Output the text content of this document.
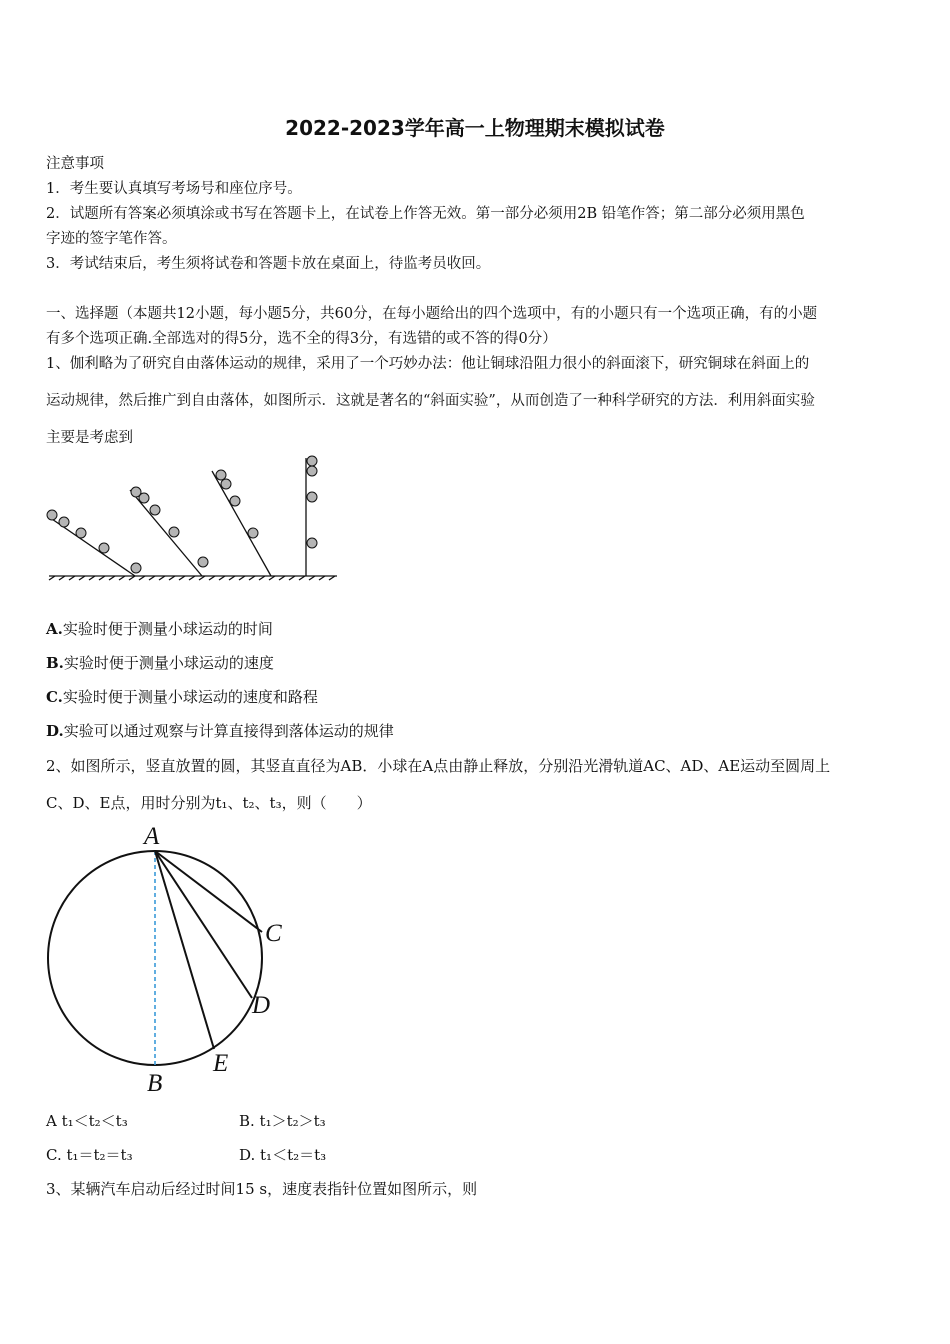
2022-2023学年高一上物理期末模拟试卷
注意事项
1．考生要认真填写考场号和座位序号。
2．试题所有答案必须填涂或书写在答题卡上，在试卷上作答无效。第一部分必须用2B 铅笔作答；第二部分必须用黑色
字迹的签字笔作答。
3．考试结束后，考生须将试卷和答题卡放在桌面上，待监考员收回。
一、选择题（本题共12小题，每小题5分，共60分，在每小题给出的四个选项中，有的小题只有一个选项正确，有的小题
有多个选项正确.全部选对的得5分，选不全的得3分，有选错的或不答的得0分）
1、伽利略为了研究自由落体运动的规律，采用了一个巧妙办法：他让铜球沿阻力很小的斜面滚下，研究铜球在斜面上的
运动规律，然后推广到自由落体，如图所示．这就是著名的“斜面实验”，从而创造了一种科学研究的方法．利用斜面实验
主要是考虑到
A.实验时便于测量小球运动的时间
B.实验时便于测量小球运动的速度
C.实验时便于测量小球运动的速度和路程
D.实验可以通过观察与计算直接得到落体运动的规律
2、如图所示，竖直放置的圆，其竖直直径为AB．小球在A点由静止释放，分别沿光滑轨道AC、AD、AE运动至圆周上
C、D、E点，用时分别为t₁、t₂、t₃，则（　　）
A
B
C
D
E
A t₁＜t₂＜t₃	B. t₁＞t₂＞t₃
C. t₁＝t₂＝t₃	D. t₁＜t₂＝t₃
3、某辆汽车启动后经过时间15 s，速度表指针位置如图所示，则
